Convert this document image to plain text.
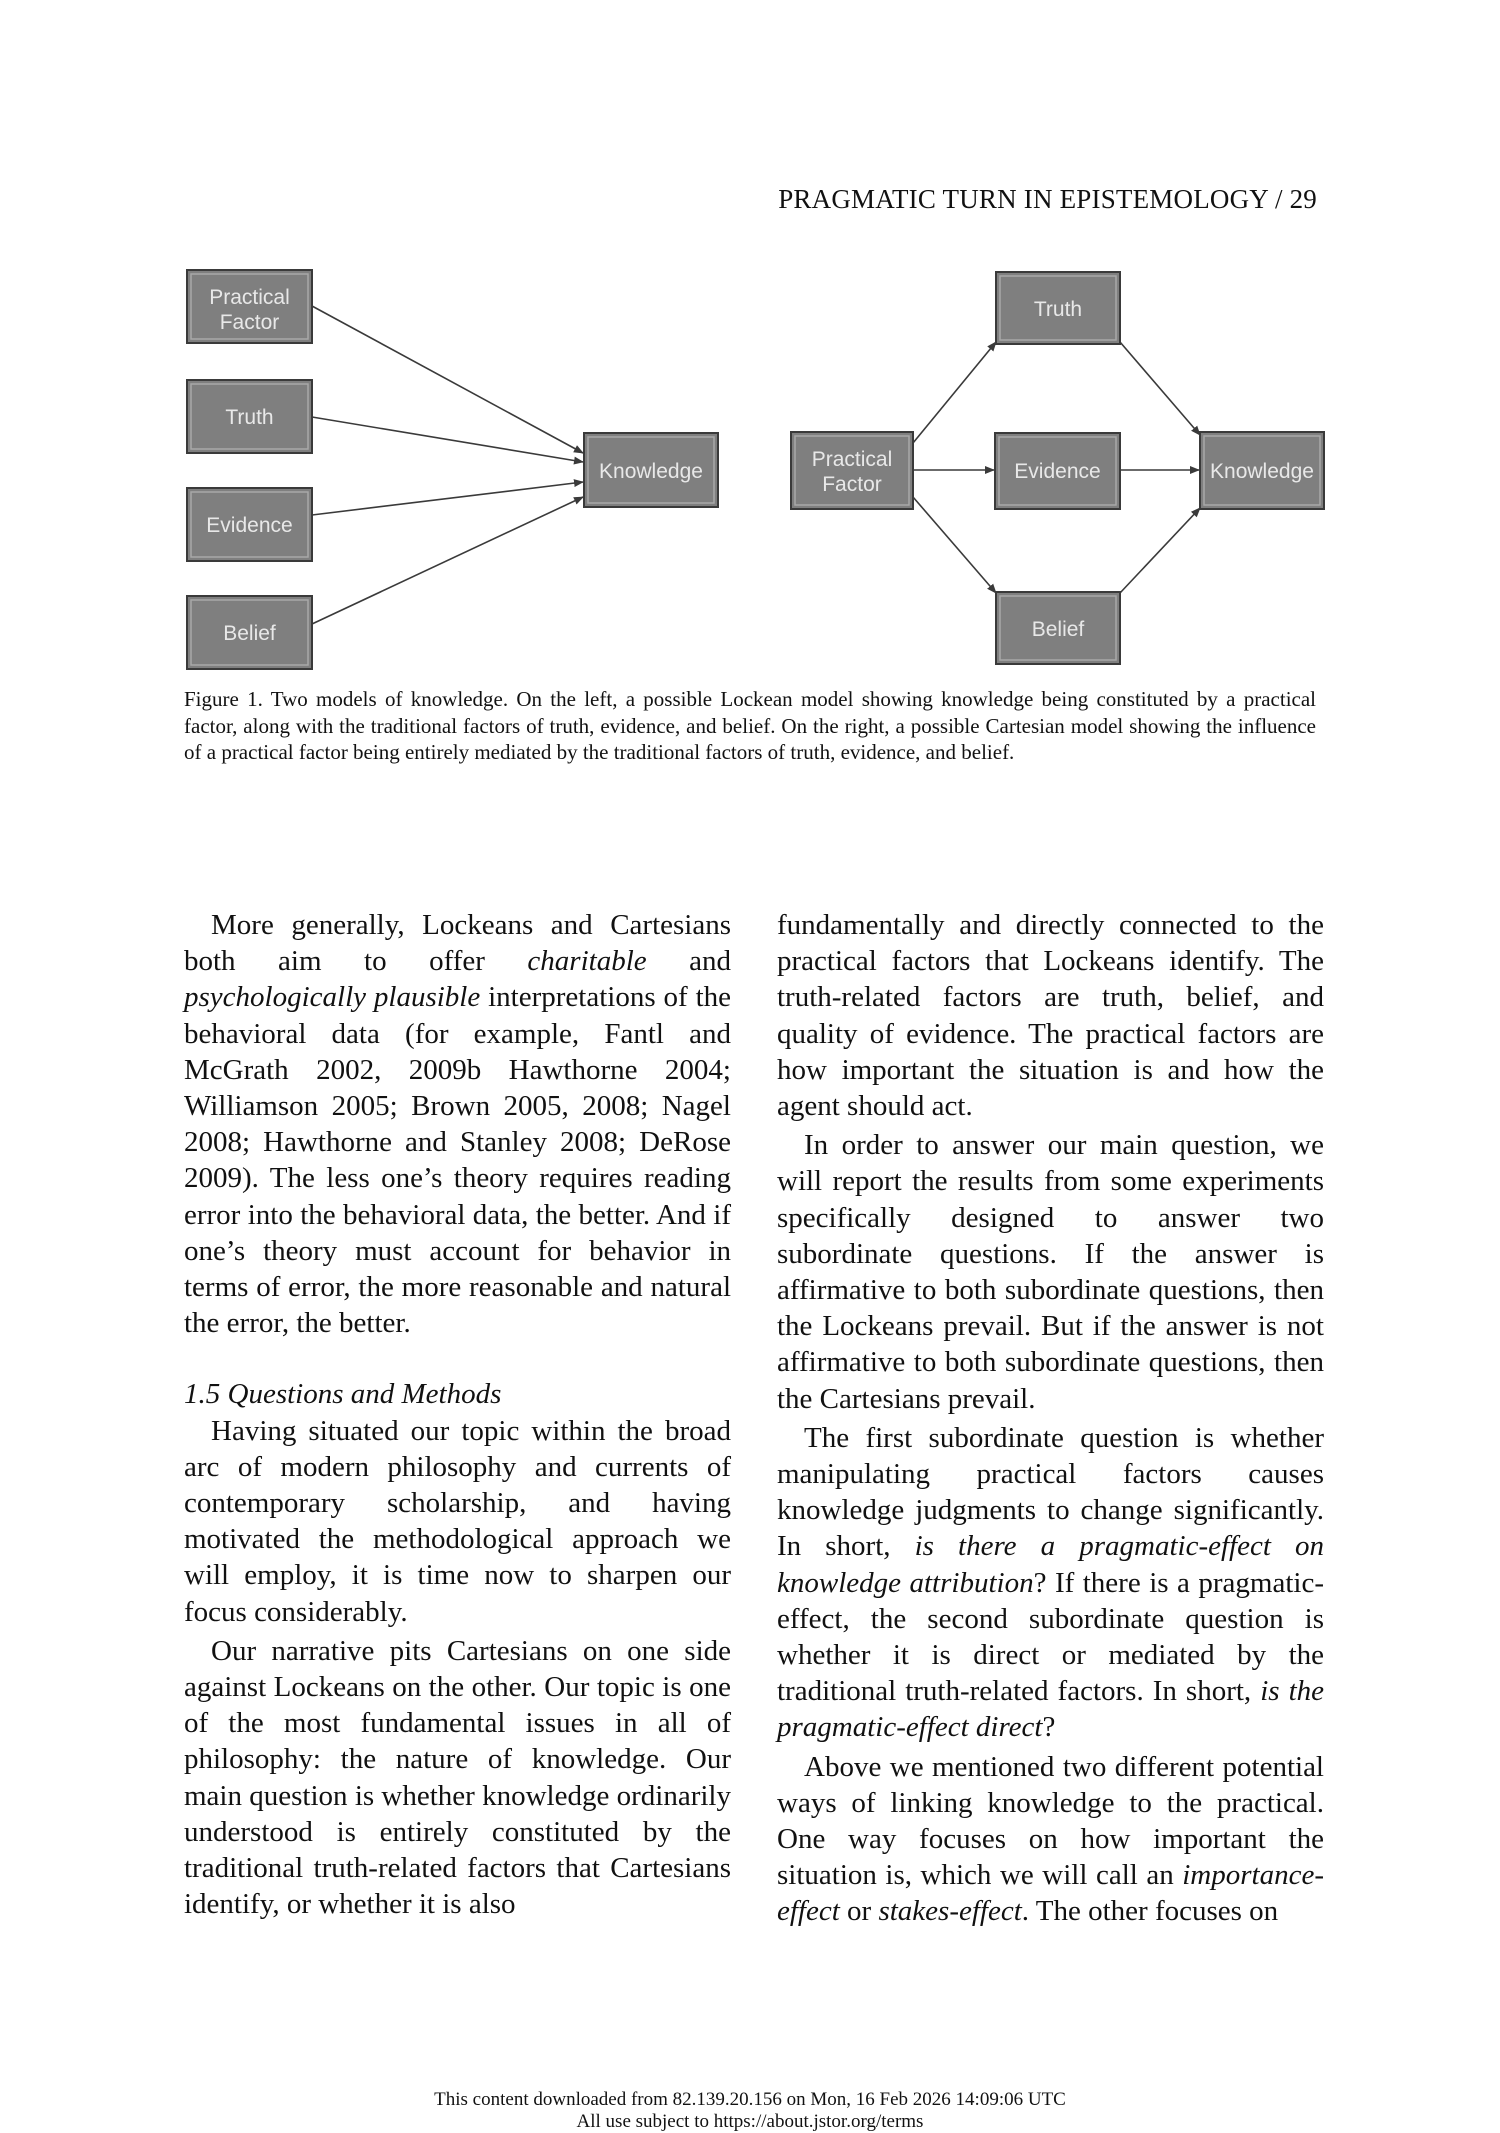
PRAGMATIC TURN IN EPISTEMOLOGY / 29
Practical
Factor
Truth
Evidence
Belief
Knowledge
Practical
Factor
Truth
Evidence
Belief
Knowledge
Figure 1. Two models of knowledge. On the left, a possible Lockean model showing knowledge being constituted by a practical factor, along with the traditional factors of truth, evidence, and belief. On the right, a possible Cartesian model showing the influence of a practical factor being entirely mediated by the traditional factors of truth, evidence, and belief.

More generally, Lockeans and Cartesians both aim to offer charitable and psychologically plausible interpretations of the behavioral data (for example, Fantl and McGrath 2002, 2009b Hawthorne 2004; Williamson 2005; Brown 2005, 2008; Nagel 2008; Hawthorne and Stanley 2008; DeRose 2009). The less one’s theory requires reading error into the behavioral data, the better. And if one’s theory must account for behavior in terms of error, the more reasonable and natural the error, the better.

1.5 Questions and Methods

Having situated our topic within the broad arc of modern philosophy and currents of contemporary scholarship, and having motivated the methodological approach we will employ, it is time now to sharpen our focus considerably.

Our narrative pits Cartesians on one side against Lockeans on the other. Our topic is one of the most fundamental issues in all of philosophy: the nature of knowledge. Our main question is whether knowledge ordinarily understood is entirely constituted by the traditional truth-related factors that Cartesians identify, or whether it is also

fundamentally and directly connected to the practical factors that Lockeans identify. The truth-related factors are truth, belief, and quality of evidence. The practical factors are how important the situation is and how the agent should act.

In order to answer our main question, we will report the results from some experiments specifically designed to answer two subordinate questions. If the answer is affirmative to both subordinate questions, then the Lockeans prevail. But if the answer is not affirmative to both subordinate questions, then the Cartesians prevail.

The first subordinate question is whether manipulating practical factors causes knowledge judgments to change significantly. In short, is there a pragmatic-effect on knowledge attribution? If there is a pragmatic-effect, the second subordinate question is whether it is direct or mediated by the traditional truth-related factors. In short, is the pragmatic-effect direct?

Above we mentioned two different potential ways of linking knowledge to the practical. One way focuses on how important the situation is, which we will call an importance-effect or stakes-effect. The other focuses on

This content downloaded from 82.139.20.156 on Mon, 16 Feb 2026 14:09:06 UTC
All use subject to https://about.jstor.org/terms
